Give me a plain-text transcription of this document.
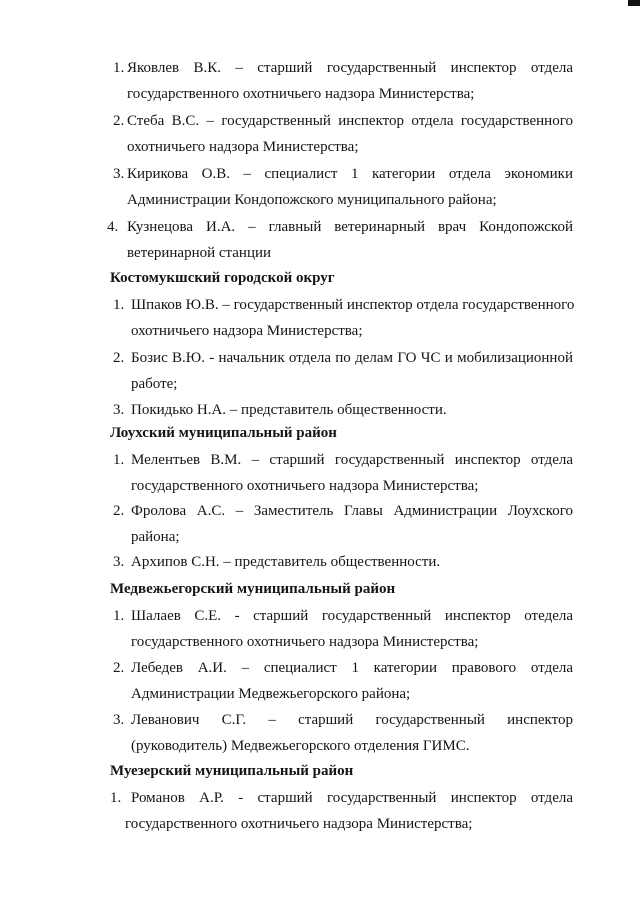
1. Яковлев В.К. – старший государственный инспектор отдела
государственного охотничьего надзора Министерства;
2. Стеба В.С. – государственный инспектор отдела государственного
охотничьего надзора Министерства;
3. Кирикова О.В. – специалист 1 категории отдела экономики
Администрации Кондопожского муниципального района;
4. Кузнецова И.А. – главный ветеринарный врач Кондопожской
ветеринарной станции
Костомукшский городской округ
1. Шпаков Ю.В. – государственный инспектор отдела государственного
охотничьего надзора Министерства;
2. Бозис В.Ю. - начальник отдела по делам ГО ЧС и мобилизационной
работе;
3. Покидько Н.А. – представитель общественности.
Лоухский муниципальный район
1. Мелентьев В.М. – старший государственный инспектор отдела
государственного охотничьего надзора Министерства;
2. Фролова А.С. – Заместитель Главы Администрации Лоухского
района;
3. Архипов С.Н. – представитель общественности.
Медвежьегорский муниципальный район
1. Шалаев С.Е. - старший государственный инспектор отедела
государственного охотничьего надзора Министерства;
2. Лебедев А.И. – специалист 1 категории правового отдела
Администрации Медвежьегорского района;
3. Леванович С.Г. – старший государственный инспектор
(руководитель) Медвежьегорского отделения ГИМС.
Муезерский муниципальный район
1. Романов А.Р. - старший государственный инспектор отдела
государственного охотничьего надзора Министерства;
